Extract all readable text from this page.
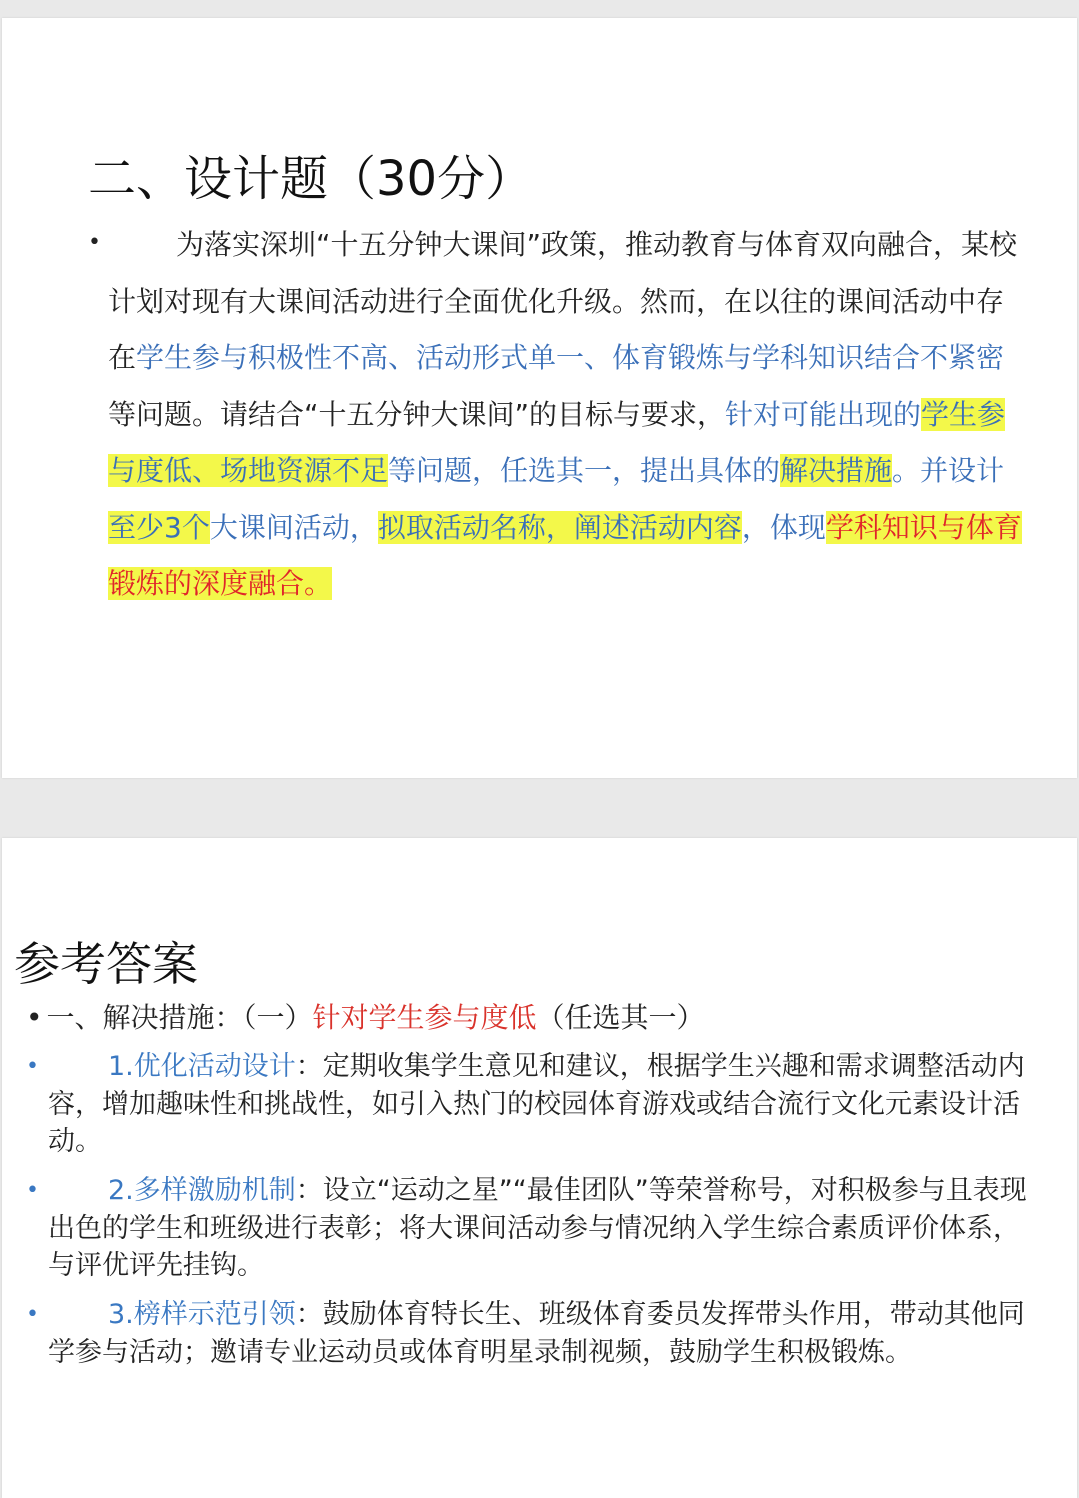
二、设计题（30分）
•	为落实深圳“十五分钟大课间”政策，推动教育与体育双向融合，某校计划对现有大课间活动进行全面优化升级。然而，在以往的课间活动中存在学生参与积极性不高、活动形式单一、体育锻炼与学科知识结合不紧密等问题。请结合“十五分钟大课间”的目标与要求，针对可能出现的学生参与度低、场地资源不足等问题，任选其一，提出具体的解决措施。并设计至少3个大课间活动，拟取活动名称，阐述活动内容，体现学科知识与体育锻炼的深度融合。
参考答案
• 一、解决措施：（一）针对学生参与度低（任选其一）
•	1.优化活动设计：定期收集学生意见和建议，根据学生兴趣和需求调整活动内容，增加趣味性和挑战性，如引入热门的校园体育游戏或结合流行文化元素设计活动。
•	2.多样激励机制：设立“运动之星”“最佳团队”等荣誉称号，对积极参与且表现出色的学生和班级进行表彰；将大课间活动参与情况纳入学生综合素质评价体系，与评优评先挂钩。
•	3.榜样示范引领：鼓励体育特长生、班级体育委员发挥带头作用，带动其他同学参与活动；邀请专业运动员或体育明星录制视频，鼓励学生积极锻炼。
